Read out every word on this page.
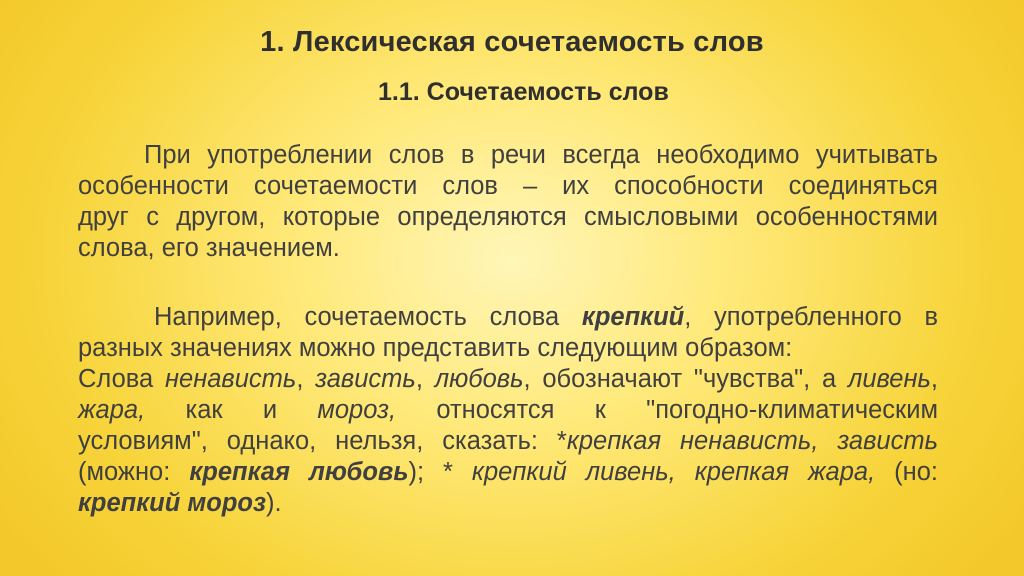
1. Лексическая сочетаемость слов
1.1. Сочетаемость слов
При употреблении слов в речи всегда необходимо учитывать
особенности сочетаемости слов – их способности соединяться
друг с другом, которые определяются смысловыми особенностями
слова, его значением.
Например, сочетаемость слова крепкий, употребленного в
разных значениях можно представить следующим образом:
Слова ненависть, зависть, любовь, обозначают "чувства", а ливень,
жара, как и мороз, относятся к "погодно-климатическим
условиям", однако, нельзя, сказать: *крепкая ненависть, зависть
(можно: крепкая любовь); * крепкий ливень, крепкая жара, (но:
крепкий мороз).
